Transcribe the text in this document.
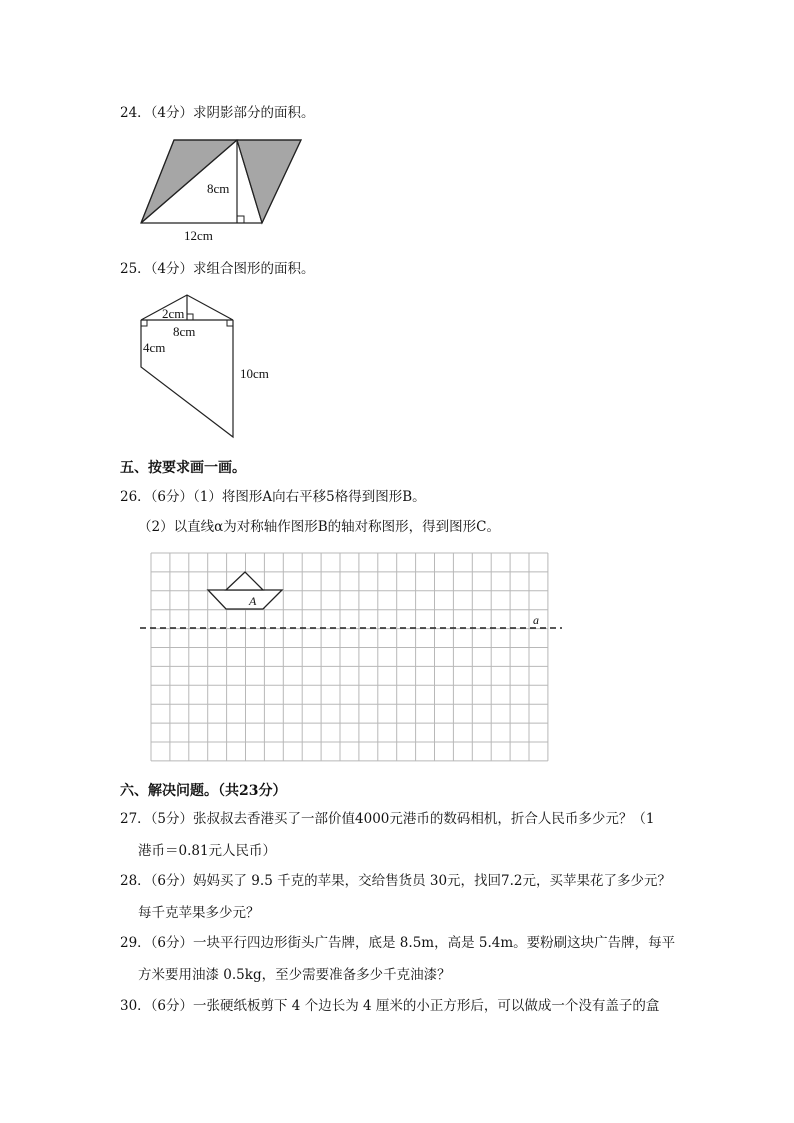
24．（4分）求阴影部分的面积。
8cm
12cm
25．（4分）求组合图形的面积。
2cm
8cm
4cm
10cm
五、按要求画一画。
26．（6分）（1）将图形A向右平移5格得到图形B。
（2）以直线α为对称轴作图形B的轴对称图形，得到图形C。
a
A
六、解决问题。（共23分）
27．（5分）张叔叔去香港买了一部价值4000元港币的数码相机，折合人民币多少元？（1
港币＝0.81元人民币）
28．（6分）妈妈买了 9.5 千克的苹果，交给售货员 30元，找回7.2元，买苹果花了多少元？
每千克苹果多少元？
29．（6分）一块平行四边形街头广告牌，底是 8.5m，高是 5.4m。要粉刷这块广告牌，每平
方米要用油漆 0.5kg，至少需要准备多少千克油漆？
30．（6分）一张硬纸板剪下 4 个边长为 4 厘米的小正方形后，可以做成一个没有盖子的盒
